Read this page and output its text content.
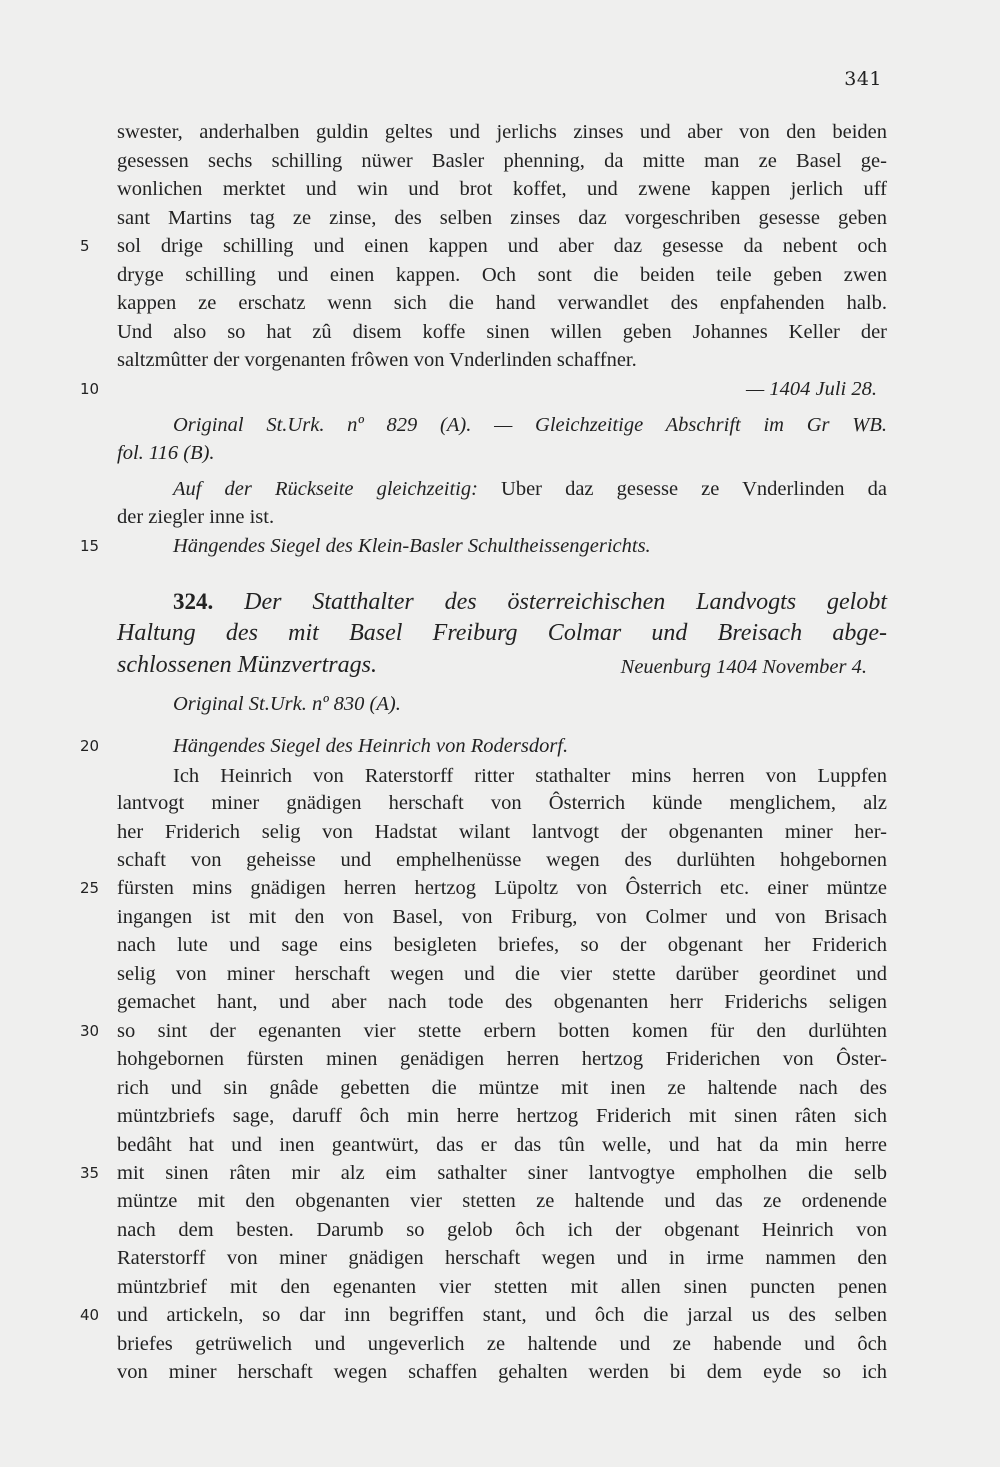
341
5
10
15
20
25
30
35
40
swester, anderhalben guldin geltes und jerlichs zinses und aber von den beiden
gesessen sechs schilling nüwer Basler phenning, da mitte man ze Basel ge-
wonlichen merktet und win und brot koffet, und zwene kappen jerlich uff
sant Martins tag ze zinse, des selben zinses daz vorgeschriben gesesse geben
sol drige schilling und einen kappen und aber daz gesesse da nebent och
dryge schilling und einen kappen. Och sont die beiden teile geben zwen
kappen ze erschatz wenn sich die hand verwandlet des enpfahenden halb.
Und also so hat zû disem koffe sinen willen geben Johannes Keller der
saltzmûtter der vorgenanten frôwen von Vnderlinden schaffner.
— 1404 Juli 28.
Original St.Urk. nº 829 (A). — Gleichzeitige Abschrift im Gr WB.
fol. 116 (B).
Auf der Rückseite gleichzeitig: Uber daz gesesse ze Vnderlinden da
der ziegler inne ist.
Hängendes Siegel des Klein-Basler Schultheissengerichts.
324. Der Statthalter des österreichischen Landvogts gelobt
Haltung des mit Basel Freiburg Colmar und Breisach abge-
schlossenen Münzvertrags.	Neuenburg 1404 November 4.
Original St.Urk. nº 830 (A).
Hängendes Siegel des Heinrich von Rodersdorf.
Ich Heinrich von Raterstorff ritter stathalter mins herren von Luppfen
lantvogt miner gnädigen herschaft von Ôsterrich künde menglichem, alz
her Friderich selig von Hadstat wilant lantvogt der obgenanten miner her-
schaft von geheisse und emphelhenüsse wegen des durlühten hohgebornen
fürsten mins gnädigen herren hertzog Lüpoltz von Ôsterrich etc. einer müntze
ingangen ist mit den von Basel, von Friburg, von Colmer und von Brisach
nach lute und sage eins besigleten briefes, so der obgenant her Friderich
selig von miner herschaft wegen und die vier stette darüber geordinet und
gemachet hant, und aber nach tode des obgenanten herr Friderichs seligen
so sint der egenanten vier stette erbern botten komen für den durlühten
hohgebornen fürsten minen genädigen herren hertzog Friderichen von Ôster-
rich und sin gnâde gebetten die müntze mit inen ze haltende nach des
müntzbriefs sage, daruff ôch min herre hertzog Friderich mit sinen râten sich
bedâht hat und inen geantwürt, das er das tûn welle, und hat da min herre
mit sinen râten mir alz eim sathalter siner lantvogtye empholhen die selb
müntze mit den obgenanten vier stetten ze haltende und das ze ordenende
nach dem besten. Darumb so gelob ôch ich der obgenant Heinrich von
Raterstorff von miner gnädigen herschaft wegen und in irme nammen den
müntzbrief mit den egenanten vier stetten mit allen sinen puncten penen
und artickeln, so dar inn begriffen stant, und ôch die jarzal us des selben
briefes getrüwelich und ungeverlich ze haltende und ze habende und ôch
von miner herschaft wegen schaffen gehalten werden bi dem eyde so ich
